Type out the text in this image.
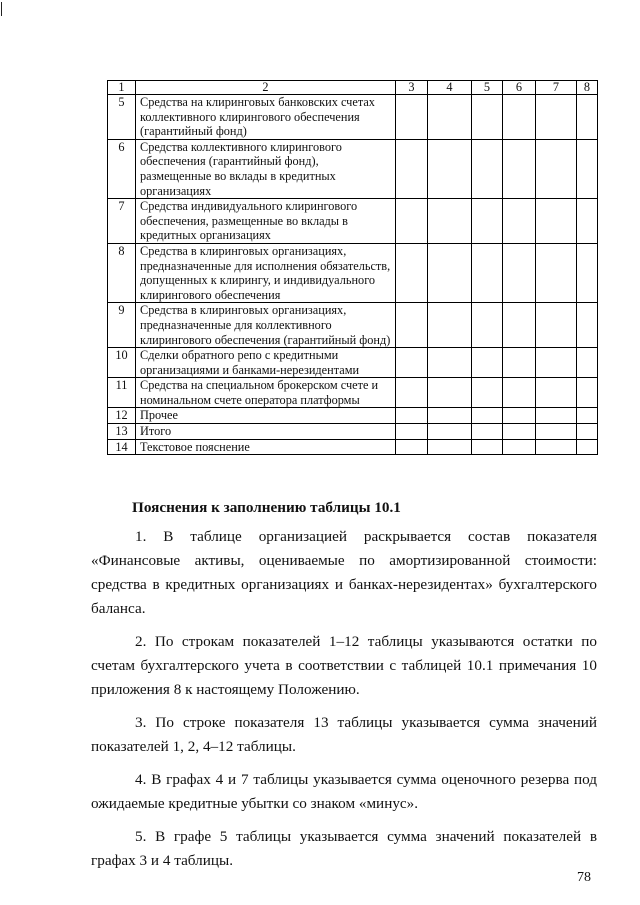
1	2	3	4	5	6	7	8
5	Средства на клиринговых банковских счетах коллективного клирингового обеспечения (гарантийный фонд)						
6	Средства коллективного клирингового обеспечения (гарантийный фонд), размещенные во вклады в кредитных организациях						
7	Средства индивидуального клирингового обеспечения, размещенные во вклады в кредитных организациях						
8	Средства в клиринговых организациях, предназначенные для исполнения обязательств, допущенных к клирингу, и индивидуального клирингового обеспечения						
9	Средства в клиринговых организациях, предназначенные для коллективного клирингового обеспечения (гарантийный фонд)						
10	Сделки обратного репо с кредитными организациями и банками-нерезидентами						
11	Средства на специальном брокерском счете и номинальном счете оператора платформы						
12	Прочее						
13	Итого						
14	Текстовое пояснение						
Пояснения к заполнению таблицы 10.1

1. В таблице организацией раскрывается состав показателя «Финансовые активы, оцениваемые по амортизированной стоимости: средства в кредитных организациях и банках-нерезидентах» бухгалтерского баланса.

2. По строкам показателей 1–12 таблицы указываются остатки по счетам бухгалтерского учета в соответствии с таблицей 10.1 примечания 10 приложения 8 к настоящему Положению.

3. По строке показателя 13 таблицы указывается сумма значений показателей 1, 2, 4–12 таблицы.

4. В графах 4 и 7 таблицы указывается сумма оценочного резерва под ожидаемые кредитные убытки со знаком «минус».

5. В графе 5 таблицы указывается сумма значений показателей в графах 3 и 4 таблицы.

78
